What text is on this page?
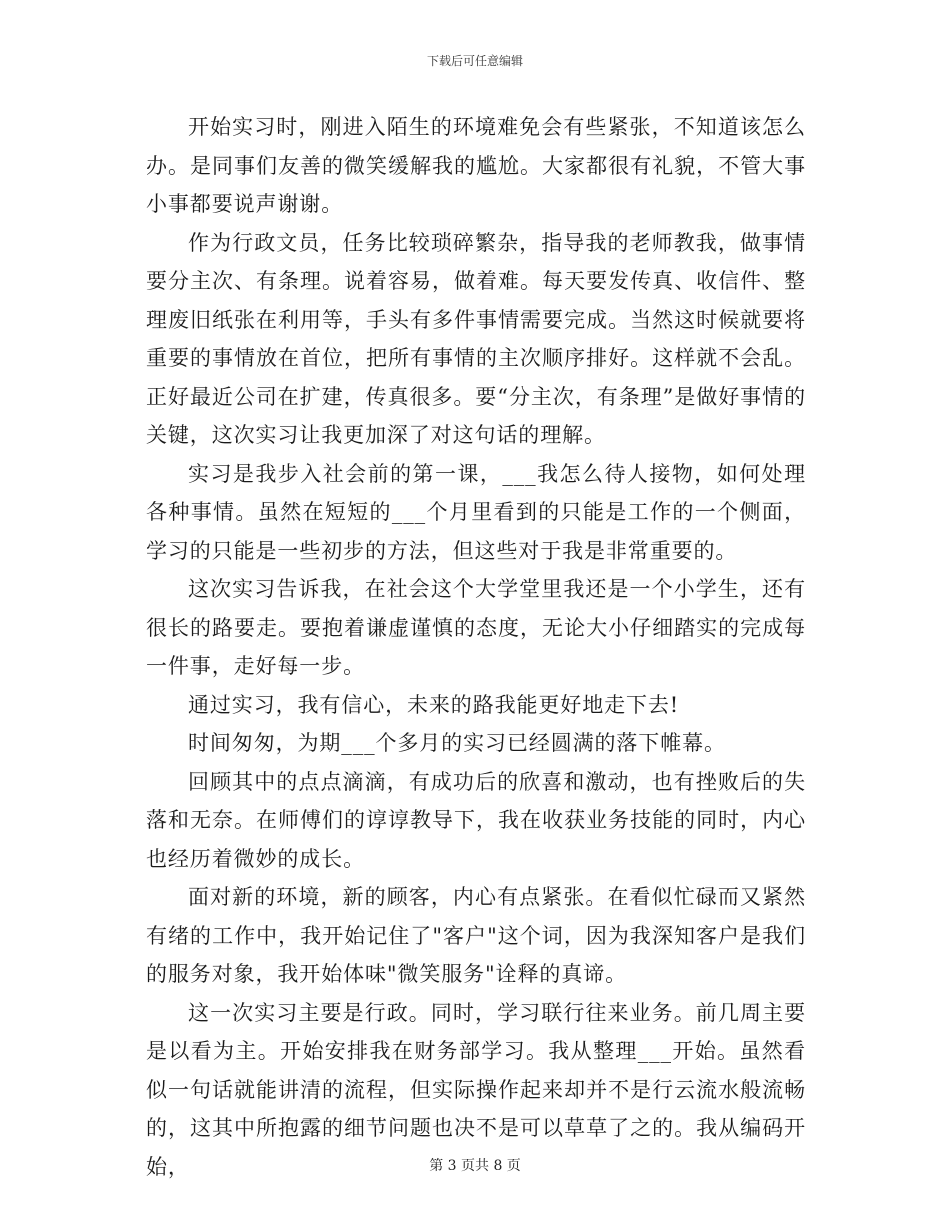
下载后可任意编辑

开始实习时，刚进入陌生的环境难免会有些紧张，不知道该怎么办。是同事们友善的微笑缓解我的尴尬。大家都很有礼貌，不管大事小事都要说声谢谢。

作为行政文员，任务比较琐碎繁杂，指导我的老师教我，做事情要分主次、有条理。说着容易，做着难。每天要发传真、收信件、整理废旧纸张在利用等，手头有多件事情需要完成。当然这时候就要将重要的事情放在首位，把所有事情的主次顺序排好。这样就不会乱。正好最近公司在扩建，传真很多。要“分主次，有条理”是做好事情的关键，这次实习让我更加深了对这句话的理解。

实习是我步入社会前的第一课，___我怎么待人接物，如何处理各种事情。虽然在短短的___个月里看到的只能是工作的一个侧面，学习的只能是一些初步的方法，但这些对于我是非常重要的。

这次实习告诉我，在社会这个大学堂里我还是一个小学生，还有很长的路要走。要抱着谦虚谨慎的态度，无论大小仔细踏实的完成每一件事，走好每一步。

通过实习，我有信心，未来的路我能更好地走下去!

时间匆匆，为期___个多月的实习已经圆满的落下帷幕。

回顾其中的点点滴滴，有成功后的欣喜和激动，也有挫败后的失落和无奈。在师傅们的谆谆教导下，我在收获业务技能的同时，内心也经历着微妙的成长。

面对新的环境，新的顾客，内心有点紧张。在看似忙碌而又紧然有绪的工作中，我开始记住了"客户"这个词，因为我深知客户是我们的服务对象，我开始体味"微笑服务"诠释的真谛。

这一次实习主要是行政。同时，学习联行往来业务。前几周主要是以看为主。开始安排我在财务部学习。我从整理___开始。虽然看似一句话就能讲清的流程，但实际操作起来却并不是行云流水般流畅的，这其中所抱露的细节问题也决不是可以草草了之的。我从编码开始，	第 3 页共 8 页
